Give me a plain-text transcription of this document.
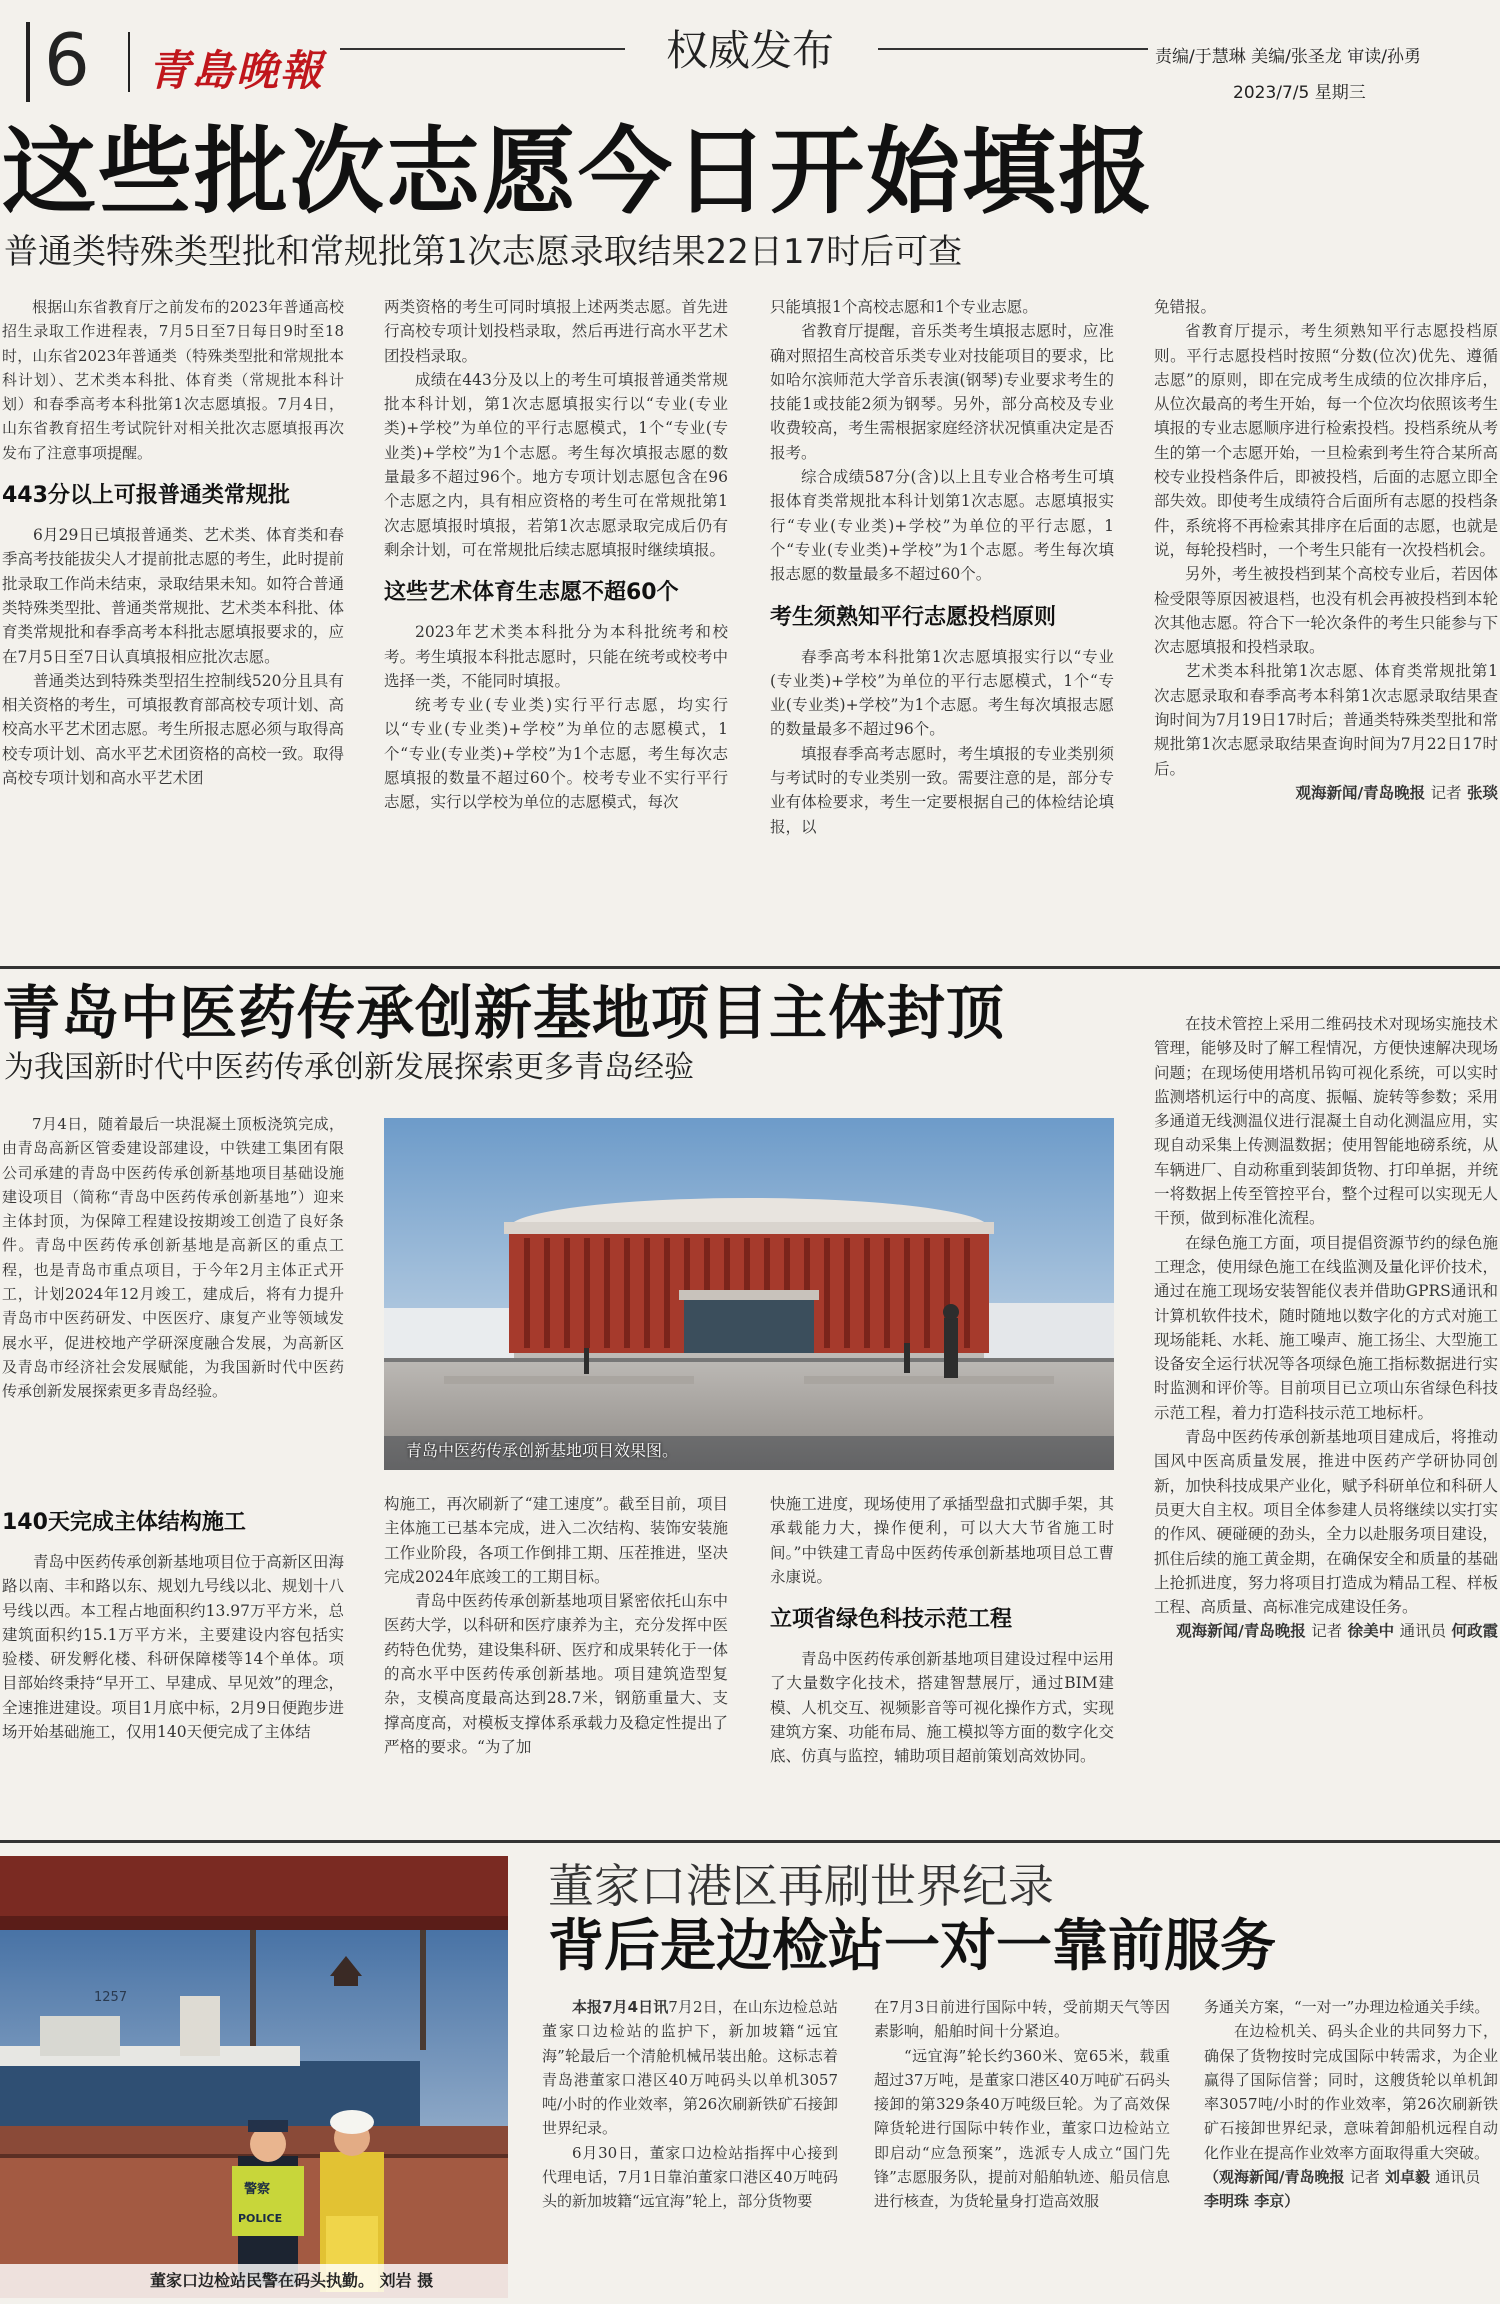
6 青島晚報	权威发布	责编/于慧琳 美编/张圣龙 审读/孙勇
2023/7/5 星期三
这些批次志愿今日开始填报
普通类特殊类型批和常规批第1次志愿录取结果22日17时后可查

根据山东省教育厅之前发布的2023年普通高校招生录取工作进程表，7月5日至7日每日9时至18时，山东省2023年普通类（特殊类型批和常规批本科计划）、艺术类本科批、体育类（常规批本科计划）和春季高考本科批第1次志愿填报。7月4日，山东省教育招生考试院针对相关批次志愿填报再次发布了注意事项提醒。

443分以上可报普通类常规批

6月29日已填报普通类、艺术类、体育类和春季高考技能拔尖人才提前批志愿的考生，此时提前批录取工作尚未结束，录取结果未知。如符合普通类特殊类型批、普通类常规批、艺术类本科批、体育类常规批和春季高考本科批志愿填报要求的，应在7月5日至7日认真填报相应批次志愿。

普通类达到特殊类型招生控制线520分且具有相关资格的考生，可填报教育部高校专项计划、高校高水平艺术团志愿。考生所报志愿必须与取得高校专项计划、高水平艺术团资格的高校一致。取得高校专项计划和高水平艺术团

两类资格的考生可同时填报上述两类志愿。首先进行高校专项计划投档录取，然后再进行高水平艺术团投档录取。

成绩在443分及以上的考生可填报普通类常规批本科计划，第1次志愿填报实行以“专业(专业类)+学校”为单位的平行志愿模式，1个“专业(专业类)+学校”为1个志愿。考生每次填报志愿的数量最多不超过96个。地方专项计划志愿包含在96个志愿之内，具有相应资格的考生可在常规批第1次志愿填报时填报，若第1次志愿录取完成后仍有剩余计划，可在常规批后续志愿填报时继续填报。

这些艺术体育生志愿不超60个

2023年艺术类本科批分为本科批统考和校考。考生填报本科批志愿时，只能在统考或校考中选择一类，不能同时填报。

统考专业(专业类)实行平行志愿，均实行以“专业(专业类)+学校”为单位的志愿模式，1个“专业(专业类)+学校”为1个志愿，考生每次志愿填报的数量不超过60个。校考专业不实行平行志愿，实行以学校为单位的志愿模式，每次

只能填报1个高校志愿和1个专业志愿。

省教育厅提醒，音乐类考生填报志愿时，应准确对照招生高校音乐类专业对技能项目的要求，比如哈尔滨师范大学音乐表演(钢琴)专业要求考生的技能1或技能2须为钢琴。另外，部分高校及专业收费较高，考生需根据家庭经济状况慎重决定是否报考。

综合成绩587分(含)以上且专业合格考生可填报体育类常规批本科计划第1次志愿。志愿填报实行“专业(专业类)+学校”为单位的平行志愿，1个“专业(专业类)+学校”为1个志愿。考生每次填报志愿的数量最多不超过60个。

考生须熟知平行志愿投档原则

春季高考本科批第1次志愿填报实行以“专业(专业类)+学校”为单位的平行志愿模式，1个“专业(专业类)+学校”为1个志愿。考生每次填报志愿的数量最多不超过96个。

填报春季高考志愿时，考生填报的专业类别须与考试时的专业类别一致。需要注意的是，部分专业有体检要求，考生一定要根据自己的体检结论填报，以

免错报。

省教育厅提示，考生须熟知平行志愿投档原则。平行志愿投档时按照“分数(位次)优先、遵循志愿”的原则，即在完成考生成绩的位次排序后，从位次最高的考生开始，每一个位次均依照该考生填报的专业志愿顺序进行检索投档。投档系统从考生的第一个志愿开始，一旦检索到考生符合某所高校专业投档条件后，即被投档，后面的志愿立即全部失效。即使考生成绩符合后面所有志愿的投档条件，系统将不再检索其排序在后面的志愿，也就是说，每轮投档时，一个考生只能有一次投档机会。

另外，考生被投档到某个高校专业后，若因体检受限等原因被退档，也没有机会再被投档到本轮次其他志愿。符合下一轮次条件的考生只能参与下次志愿填报和投档录取。

艺术类本科批第1次志愿、体育类常规批第1次志愿录取和春季高考本科第1次志愿录取结果查询时间为7月19日17时后；普通类特殊类型批和常规批第1次志愿录取结果查询时间为7月22日17时后。

观海新闻/青岛晚报 记者 张琰

青岛中医药传承创新基地项目主体封顶
为我国新时代中医药传承创新发展探索更多青岛经验

7月4日，随着最后一块混凝土顶板浇筑完成，由青岛高新区管委建设部建设，中铁建工集团有限公司承建的青岛中医药传承创新基地项目基础设施建设项目（简称“青岛中医药传承创新基地”）迎来主体封顶，为保障工程建设按期竣工创造了良好条件。青岛中医药传承创新基地是高新区的重点工程，也是青岛市重点项目，于今年2月主体正式开工，计划2024年12月竣工，建成后，将有力提升青岛市中医药研发、中医医疗、康复产业等领域发展水平，促进校地产学研深度融合发展，为高新区及青岛市经济社会发展赋能，为我国新时代中医药传承创新发展探索更多青岛经验。

青岛中医药传承创新基地项目效果图。
140天完成主体结构施工

青岛中医药传承创新基地项目位于高新区田海路以南、丰和路以东、规划九号线以北、规划十八号线以西。本工程占地面积约13.97万平方米，总建筑面积约15.1万平方米，主要建设内容包括实验楼、研发孵化楼、科研保障楼等14个单体。项目部始终秉持“早开工、早建成、早见效”的理念，全速推进建设。项目1月底中标，2月9日便跑步进场开始基础施工，仅用140天便完成了主体结

构施工，再次刷新了“建工速度”。截至目前，项目主体施工已基本完成，进入二次结构、装饰安装施工作业阶段，各项工作倒排工期、压茬推进，坚决完成2024年底竣工的工期目标。

青岛中医药传承创新基地项目紧密依托山东中医药大学，以科研和医疗康养为主，充分发挥中医药特色优势，建设集科研、医疗和成果转化于一体的高水平中医药传承创新基地。项目建筑造型复杂，支模高度最高达到28.7米，钢筋重量大、支撑高度高，对模板支撑体系承载力及稳定性提出了严格的要求。“为了加

快施工进度，现场使用了承插型盘扣式脚手架，其承载能力大，操作便利，可以大大节省施工时间。”中铁建工青岛中医药传承创新基地项目总工曹永康说。

立项省绿色科技示范工程

青岛中医药传承创新基地项目建设过程中运用了大量数字化技术，搭建智慧展厅，通过BIM建模、人机交互、视频影音等可视化操作方式，实现建筑方案、功能布局、施工模拟等方面的数字化交底、仿真与监控，辅助项目超前策划高效协同。

在技术管控上采用二维码技术对现场实施技术管理，能够及时了解工程情况，方便快速解决现场问题；在现场使用塔机吊钩可视化系统，可以实时监测塔机运行中的高度、振幅、旋转等参数；采用多通道无线测温仪进行混凝土自动化测温应用，实现自动采集上传测温数据；使用智能地磅系统，从车辆进厂、自动称重到装卸货物、打印单据，并统一将数据上传至管控平台，整个过程可以实现无人干预，做到标准化流程。

在绿色施工方面，项目提倡资源节约的绿色施工理念，使用绿色施工在线监测及量化评价技术，通过在施工现场安装智能仪表并借助GPRS通讯和计算机软件技术，随时随地以数字化的方式对施工现场能耗、水耗、施工噪声、施工扬尘、大型施工设备安全运行状况等各项绿色施工指标数据进行实时监测和评价等。目前项目已立项山东省绿色科技示范工程，着力打造科技示范工地标杆。

青岛中医药传承创新基地项目建成后，将推动国风中医高质量发展，推进中医药产学研协同创新，加快科技成果产业化，赋予科研单位和科研人员更大自主权。项目全体参建人员将继续以实打实的作风、硬碰硬的劲头，全力以赴服务项目建设，抓住后续的施工黄金期，在确保安全和质量的基础上抢抓进度，努力将项目打造成为精品工程、样板工程、高质量、高标准完成建设任务。

观海新闻/青岛晚报 记者 徐美中 通讯员 何政霞

1257
警察
POLICE
董家口边检站民警在码头执勤。 刘岩 摄
董家口港区再刷世界纪录
背后是边检站一对一靠前服务

本报7月4日讯7月2日，在山东边检总站董家口边检站的监护下，新加坡籍“远宜海”轮最后一个清舱机械吊装出舱。这标志着青岛港董家口港区40万吨码头以单机3057吨/小时的作业效率，第26次刷新铁矿石接卸世界纪录。

6月30日，董家口边检站指挥中心接到代理电话，7月1日靠泊董家口港区40万吨码头的新加坡籍“远宜海”轮上，部分货物要

在7月3日前进行国际中转，受前期天气等因素影响，船舶时间十分紧迫。

“远宜海”轮长约360米、宽65米，载重超过37万吨，是董家口港区40万吨矿石码头接卸的第329条40万吨级巨轮。为了高效保障货轮进行国际中转作业，董家口边检站立即启动“应急预案”，选派专人成立“国门先锋”志愿服务队，提前对船舶轨迹、船员信息进行核查，为货轮量身打造高效服

务通关方案，“一对一”办理边检通关手续。

在边检机关、码头企业的共同努力下，确保了货物按时完成国际中转需求，为企业赢得了国际信誉；同时，这艘货轮以单机卸率3057吨/小时的作业效率，第26次刷新铁矿石接卸世界纪录，意味着卸船机远程自动化作业在提高作业效率方面取得重大突破。

（观海新闻/青岛晚报 记者 刘卓毅 通讯员 李明珠 李京）
